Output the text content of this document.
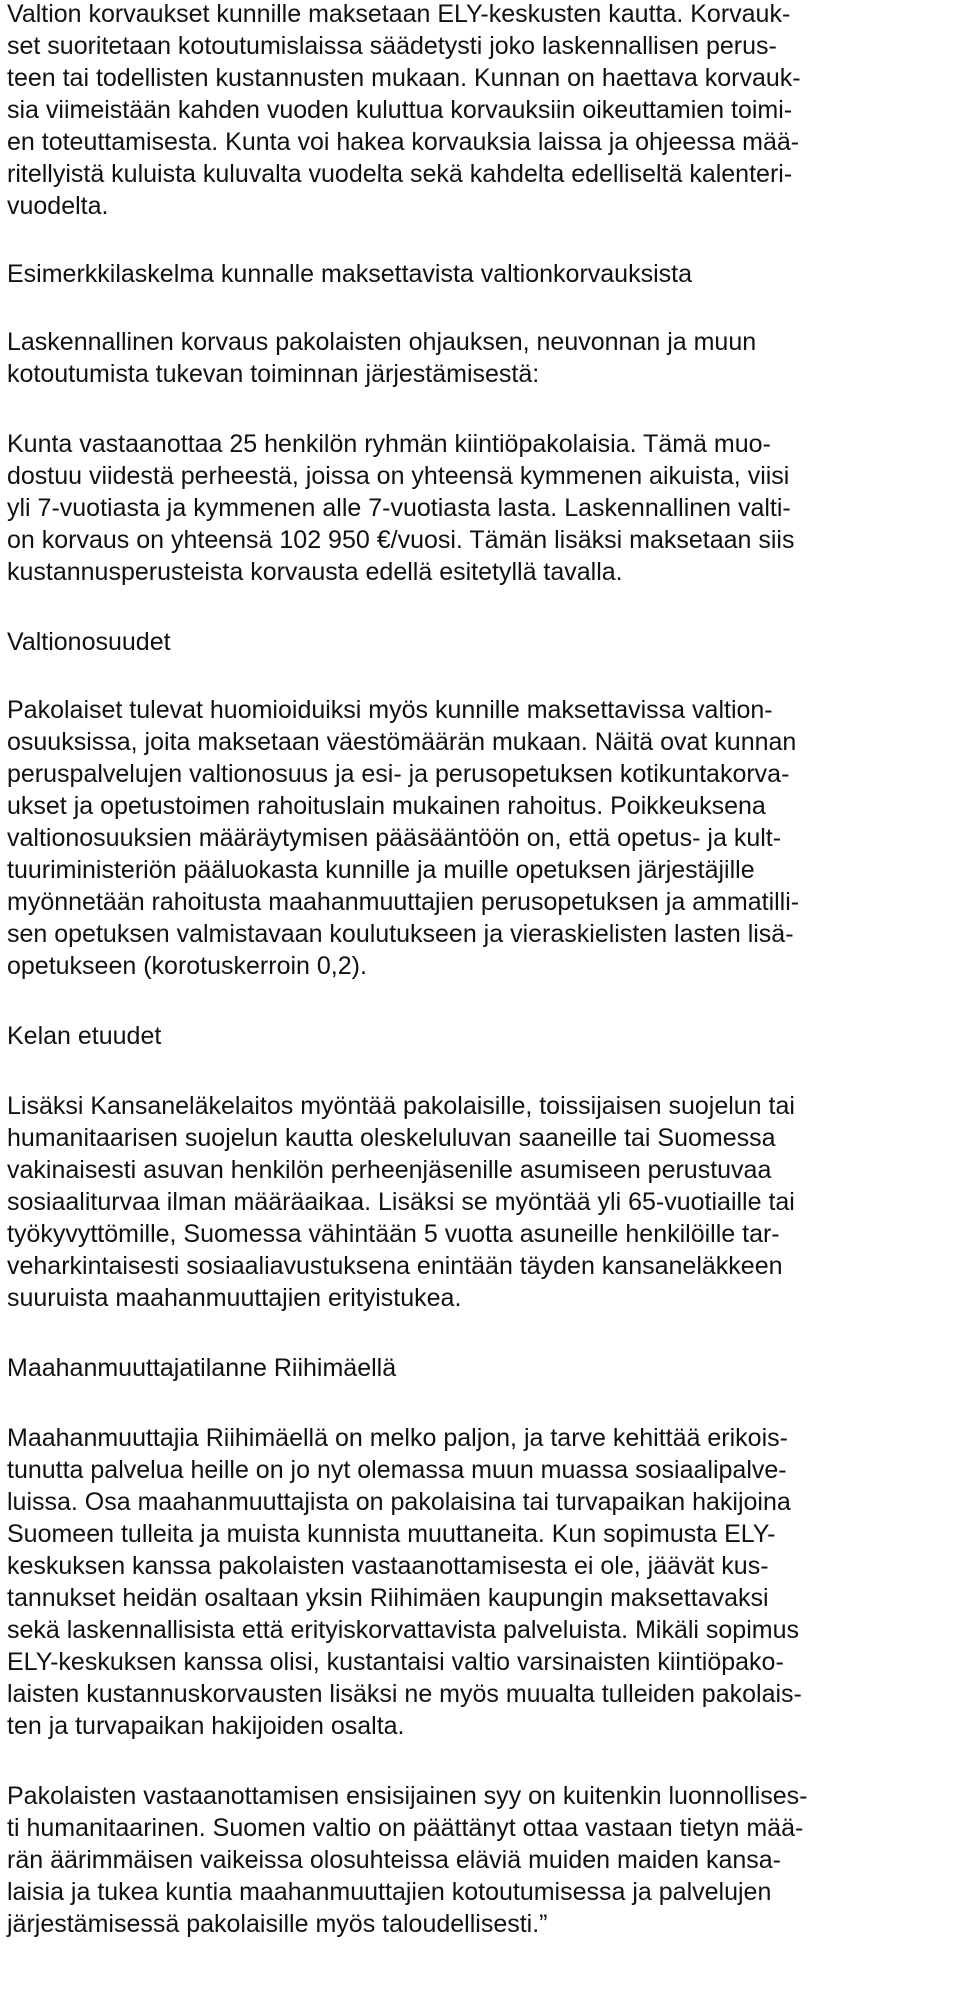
Valtion korvaukset kunnille maksetaan ELY-keskusten kautta. Korvauk-
set suoritetaan kotoutumislaissa säädetysti joko laskennallisen perus-
teen tai todellisten kustannusten mukaan. Kunnan on haettava korvauk-
sia viimeistään kahden vuoden kuluttua korvauksiin oikeuttamien toimi-
en toteuttamisesta. Kunta voi hakea korvauksia laissa ja ohjeessa mää-
ritellyistä kuluista kuluvalta vuodelta sekä kahdelta edelliseltä kalenteri-
vuodelta.
Esimerkkilaskelma kunnalle maksettavista valtionkorvauksista
Laskennallinen korvaus pakolaisten ohjauksen, neuvonnan ja muun
kotoutumista tukevan toiminnan järjestämisestä:
Kunta vastaanottaa 25 henkilön ryhmän kiintiöpakolaisia. Tämä muo-
dostuu viidestä perheestä, joissa on yhteensä kymmenen aikuista, viisi
yli 7-vuotiasta ja kymmenen alle 7-vuotiasta lasta. Laskennallinen valti-
on korvaus on yhteensä 102 950 €/vuosi. Tämän lisäksi maksetaan siis
kustannusperusteista korvausta edellä esitetyllä tavalla.
Valtionosuudet
Pakolaiset tulevat huomioiduiksi myös kunnille maksettavissa valtion-
osuuksissa, joita maksetaan väestömäärän mukaan. Näitä ovat kunnan
peruspalvelujen valtionosuus ja esi- ja perusopetuksen kotikuntakorva-
ukset ja opetustoimen rahoituslain mukainen rahoitus. Poikkeuksena
valtionosuuksien määräytymisen pääsääntöön on, että opetus- ja kult-
tuuriministeriön pääluokasta kunnille ja muille opetuksen järjestäjille
myönnetään rahoitusta maahanmuuttajien perusopetuksen ja ammatilli-
sen opetuksen valmistavaan koulutukseen ja vieraskielisten lasten lisä-
opetukseen (korotuskerroin 0,2).
Kelan etuudet
Lisäksi Kansaneläkelaitos myöntää pakolaisille, toissijaisen suojelun tai
humanitaarisen suojelun kautta oleskeluluvan saaneille tai Suomessa
vakinaisesti asuvan henkilön perheenjäsenille asumiseen perustuvaa
sosiaaliturvaa ilman määräaikaa. Lisäksi se myöntää yli 65-vuotiaille tai
työkyvyttömille, Suomessa vähintään 5 vuotta asuneille henkilöille tar-
veharkintaisesti sosiaaliavustuksena enintään täyden kansaneläkkeen
suuruista maahanmuuttajien erityistukea.
Maahanmuuttajatilanne Riihimäellä
Maahanmuuttajia Riihimäellä on melko paljon, ja tarve kehittää erikois-
tunutta palvelua heille on jo nyt olemassa muun muassa sosiaalipalve-
luissa. Osa maahanmuuttajista on pakolaisina tai turvapaikan hakijoina
Suomeen tulleita ja muista kunnista muuttaneita. Kun sopimusta ELY-
keskuksen kanssa pakolaisten vastaanottamisesta ei ole, jäävät kus-
tannukset heidän osaltaan yksin Riihimäen kaupungin maksettavaksi
sekä laskennallisista että erityiskorvattavista palveluista. Mikäli sopimus
ELY-keskuksen kanssa olisi, kustantaisi valtio varsinaisten kiintiöpako-
laisten kustannuskorvausten lisäksi ne myös muualta tulleiden pakolais-
ten ja turvapaikan hakijoiden osalta.
Pakolaisten vastaanottamisen ensisijainen syy on kuitenkin luonnollises-
ti humanitaarinen. Suomen valtio on päättänyt ottaa vastaan tietyn mää-
rän äärimmäisen vaikeissa olosuhteissa eläviä muiden maiden kansa-
laisia ja tukea kuntia maahanmuuttajien kotoutumisessa ja palvelujen
järjestämisessä pakolaisille myös taloudellisesti.”
